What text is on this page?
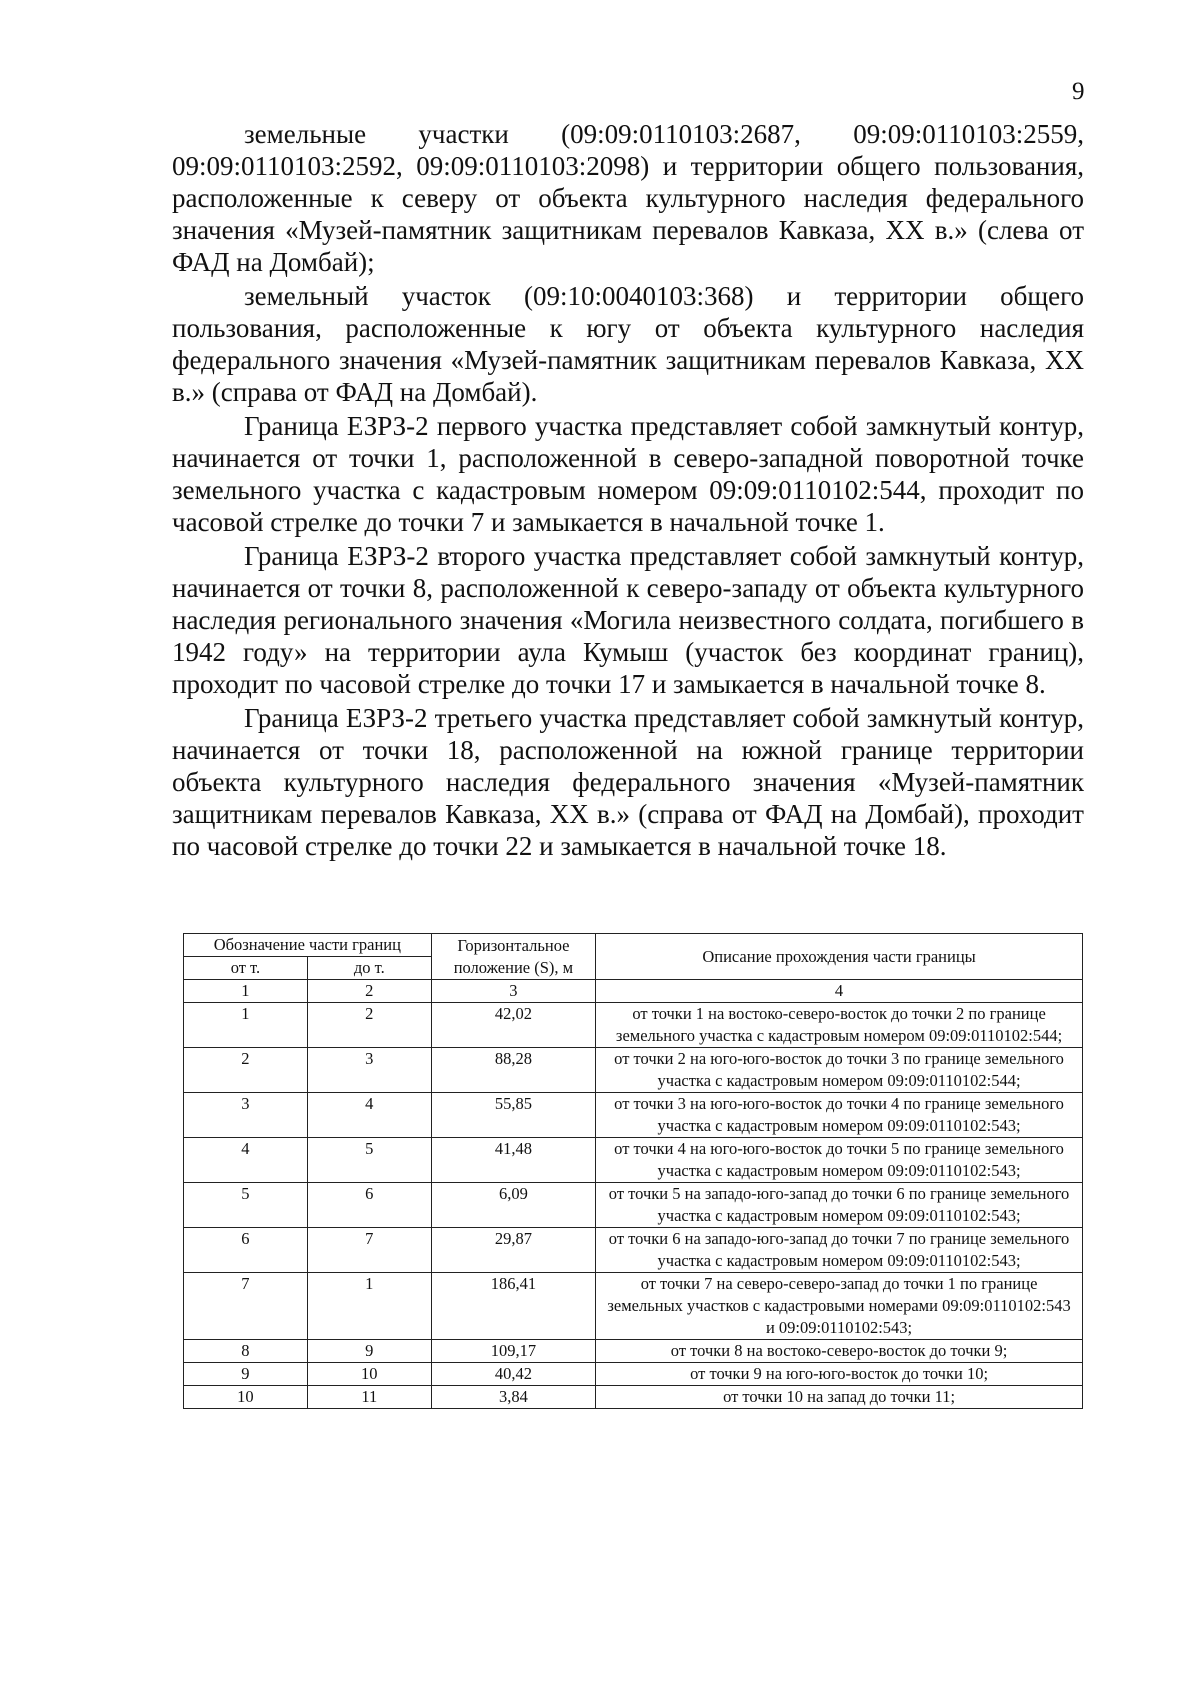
9

земельные участки (09:09:0110103:2687, 09:09:0110103:2559, 09:09:0110103:2592, 09:09:0110103:2098) и территории общего пользования, расположенные к северу от объекта культурного наследия федерального значения «Музей-памятник защитникам перевалов Кавказа, XX в.» (слева от ФАД на Домбай);

земельный участок (09:10:0040103:368) и территории общего пользования, расположенные к югу от объекта культурного наследия федерального значения «Музей-памятник защитникам перевалов Кавказа, XX в.» (справа от ФАД на Домбай).

Граница ЕЗРЗ-2 первого участка представляет собой замкнутый контур, начинается от точки 1, расположенной в северо-западной поворотной точке земельного участка с кадастровым номером 09:09:0110102:544, проходит по часовой стрелке до точки 7 и замыкается в начальной точке 1.

Граница ЕЗРЗ-2 второго участка представляет собой замкнутый контур, начинается от точки 8, расположенной к северо-западу от объекта культурного наследия регионального значения «Могила неизвестного солдата, погибшего в 1942 году» на территории аула Кумыш (участок без координат границ), проходит по часовой стрелке до точки 17 и замыкается в начальной точке 8.

Граница ЕЗРЗ-2 третьего участка представляет собой замкнутый контур, начинается от точки 18, расположенной на южной границе территории объекта культурного наследия федерального значения «Музей-памятник защитникам перевалов Кавказа, XX в.» (справа от ФАД на Домбай), проходит по часовой стрелке до точки 22 и замыкается в начальной точке 18.

Обозначение части границ		Горизонтальное положение (S), м	Описание прохождения части границы
от т.	до т.		
1	2	3	4
1	2	42,02	от точки 1 на востоко-северо-восток до точки 2 по границе земельного участка с кадастровым номером 09:09:0110102:544;
2	3	88,28	от точки 2 на юго-юго-восток до точки 3 по границе земельного участка с кадастровым номером 09:09:0110102:544;
3	4	55,85	от точки 3 на юго-юго-восток до точки 4 по границе земельного участка с кадастровым номером 09:09:0110102:543;
4	5	41,48	от точки 4 на юго-юго-восток до точки 5 по границе земельного участка с кадастровым номером 09:09:0110102:543;
5	6	6,09	от точки 5 на западо-юго-запад до точки 6 по границе земельного участка с кадастровым номером 09:09:0110102:543;
6	7	29,87	от точки 6 на западо-юго-запад до точки 7 по границе земельного участка с кадастровым номером 09:09:0110102:543;
7	1	186,41	от точки 7 на северо-северо-запад до точки 1 по границе земельных участков с кадастровыми номерами 09:09:0110102:543 и 09:09:0110102:543;
8	9	109,17	от точки 8 на востоко-северо-восток до точки 9;
9	10	40,42	от точки 9 на юго-юго-восток до точки 10;
10	11	3,84	от точки 10 на запад до точки 11;
